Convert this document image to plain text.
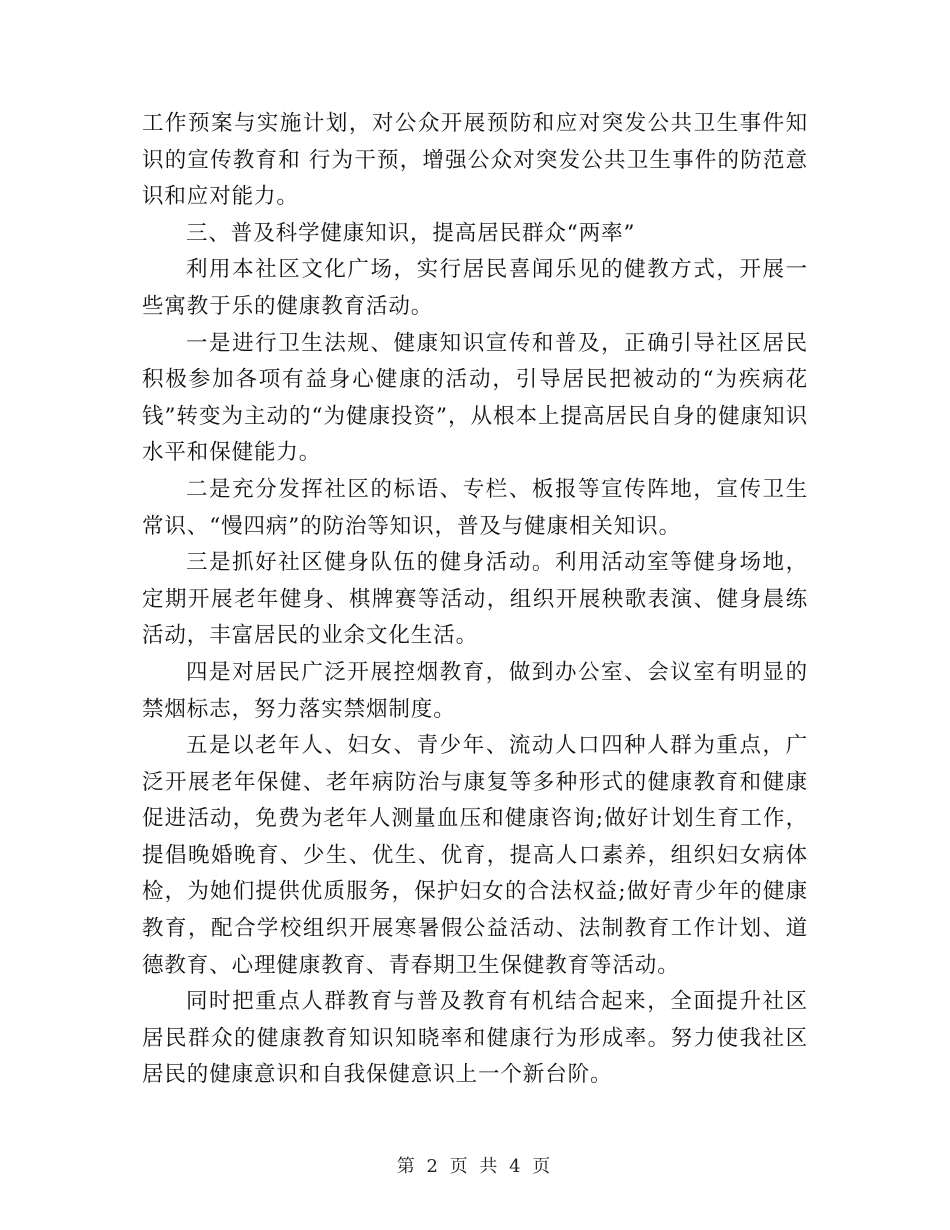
工作预案与实施计划，对公众开展预防和应对突发公共卫生事件知识的宣传教育和 行为干预，增强公众对突发公共卫生事件的防范意识和应对能力。

三、普及科学健康知识，提高居民群众“两率”

利用本社区文化广场，实行居民喜闻乐见的健教方式，开展一些寓教于乐的健康教育活动。

一是进行卫生法规、健康知识宣传和普及，正确引导社区居民积极参加各项有益身心健康的活动，引导居民把被动的“为疾病花钱”转变为主动的“为健康投资”，从根本上提高居民自身的健康知识水平和保健能力。

二是充分发挥社区的标语、专栏、板报等宣传阵地，宣传卫生常识、“慢四病”的防治等知识，普及与健康相关知识。

三是抓好社区健身队伍的健身活动。利用活动室等健身场地，定期开展老年健身、棋牌赛等活动，组织开展秧歌表演、健身晨练活动，丰富居民的业余文化生活。

四是对居民广泛开展控烟教育，做到办公室、会议室有明显的禁烟标志，努力落实禁烟制度。

五是以老年人、妇女、青少年、流动人口四种人群为重点，广泛开展老年保健、老年病防治与康复等多种形式的健康教育和健康促进活动，免费为老年人测量血压和健康咨询;做好计划生育工作，提倡晚婚晚育、少生、优生、优育，提高人口素养，组织妇女病体检，为她们提供优质服务，保护妇女的合法权益;做好青少年的健康教育，配合学校组织开展寒暑假公益活动、法制教育工作计划、道德教育、心理健康教育、青春期卫生保健教育等活动。

同时把重点人群教育与普及教育有机结合起来，全面提升社区居民群众的健康教育知识知晓率和健康行为形成率。努力使我社区居民的健康意识和自我保健意识上一个新台阶。

第 2 页 共 4 页
